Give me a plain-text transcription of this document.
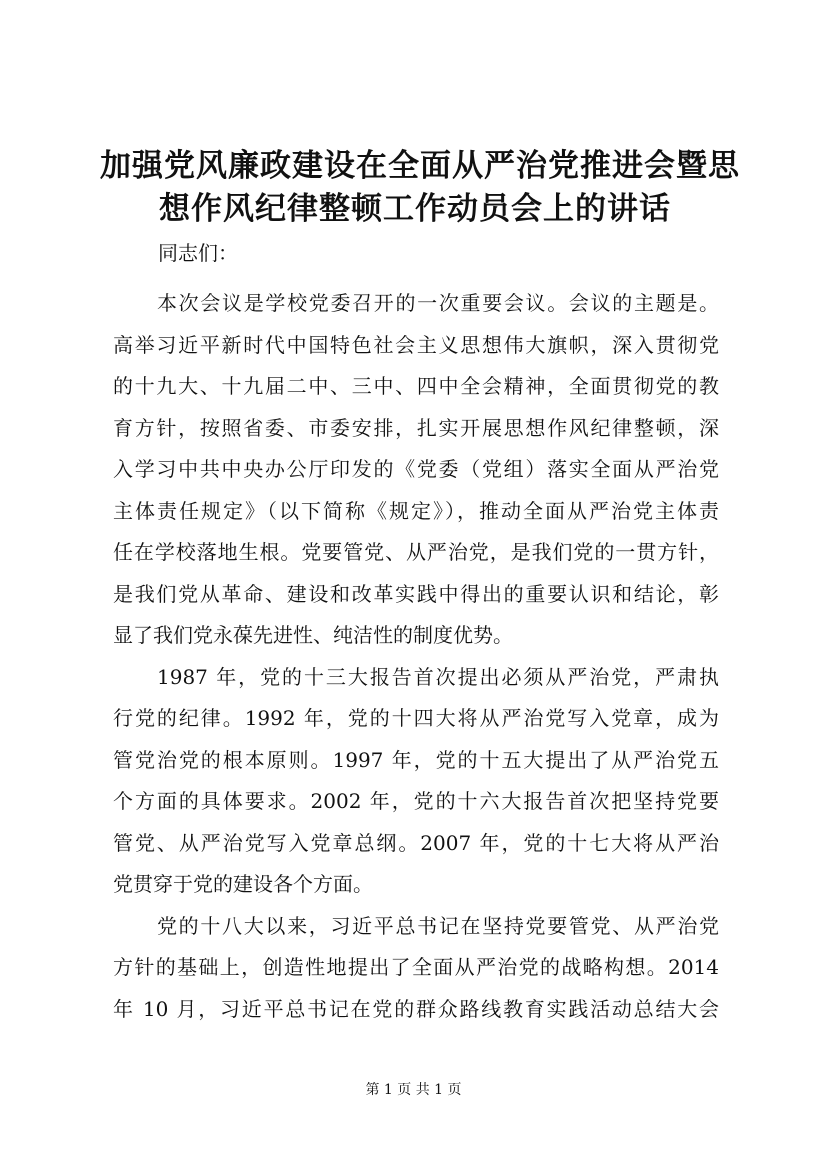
加强党风廉政建设在全面从严治党推进会暨思
想作风纪律整顿工作动员会上的讲话
同志们：
本次会议是学校党委召开的一次重要会议。会议的主题是。
高举习近平新时代中国特色社会主义思想伟大旗帜，深入贯彻党
的十九大、十九届二中、三中、四中全会精神，全面贯彻党的教
育方针，按照省委、市委安排，扎实开展思想作风纪律整顿，深
入学习中共中央办公厅印发的《党委（党组）落实全面从严治党
主体责任规定》（以下简称《规定》），推动全面从严治党主体责
任在学校落地生根。党要管党、从严治党，是我们党的一贯方针，
是我们党从革命、建设和改革实践中得出的重要认识和结论，彰
显了我们党永葆先进性、纯洁性的制度优势。
1987 年，党的十三大报告首次提出必须从严治党，严肃执
行党的纪律。1992 年，党的十四大将从严治党写入党章，成为
管党治党的根本原则。1997 年，党的十五大提出了从严治党五
个方面的具体要求。2002 年，党的十六大报告首次把坚持党要
管党、从严治党写入党章总纲。2007 年，党的十七大将从严治
党贯穿于党的建设各个方面。
党的十八大以来，习近平总书记在坚持党要管党、从严治党
方针的基础上，创造性地提出了全面从严治党的战略构想。2014
年 10 月，习近平总书记在党的群众路线教育实践活动总结大会
第 1 页 共 1 页
